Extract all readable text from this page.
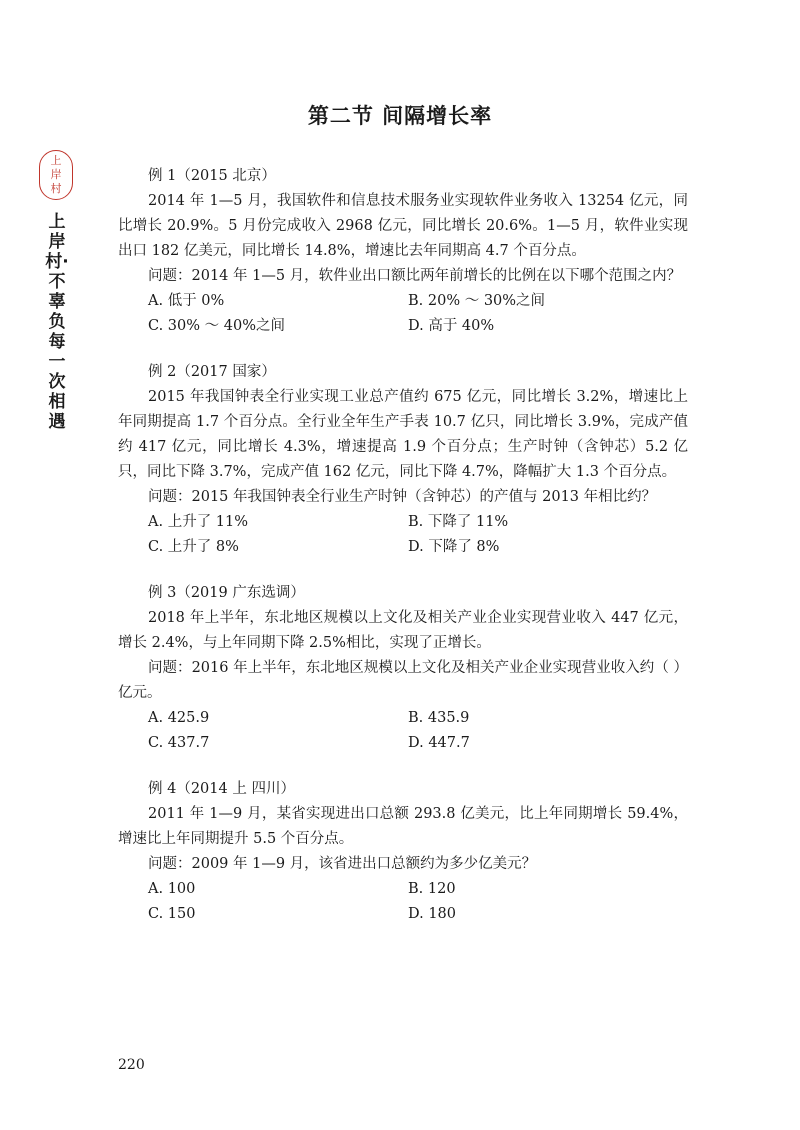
第二节 间隔增长率
上
岸
村
上岸村·不辜负每一次相遇
例 1（2015 北京）

2014 年 1—5 月，我国软件和信息技术服务业实现软件业务收入 13254 亿元，同比增长 20.9%。5 月份完成收入 2968 亿元，同比增长 20.6%。1—5 月，软件业实现出口 182 亿美元，同比增长 14.8%，增速比去年同期高 4.7 个百分点。

问题：2014 年 1—5 月，软件业出口额比两年前增长的比例在以下哪个范围之内？

A. 低于 0%	B. 20% ～ 30%之间
C. 30% ～ 40%之间	D. 高于 40%
例 2（2017 国家）

2015 年我国钟表全行业实现工业总产值约 675 亿元，同比增长 3.2%，增速比上年同期提高 1.7 个百分点。全行业全年生产手表 10.7 亿只，同比增长 3.9%，完成产值约 417 亿元，同比增长 4.3%，增速提高 1.9 个百分点；生产时钟（含钟芯）5.2 亿只，同比下降 3.7%，完成产值 162 亿元，同比下降 4.7%，降幅扩大 1.3 个百分点。

问题：2015 年我国钟表全行业生产时钟（含钟芯）的产值与 2013 年相比约？

A. 上升了 11%	B. 下降了 11%
C. 上升了 8%	D. 下降了 8%
例 3（2019 广东选调）

2018 年上半年，东北地区规模以上文化及相关产业企业实现营业收入 447 亿元，增长 2.4%，与上年同期下降 2.5%相比，实现了正增长。

问题：2016 年上半年，东北地区规模以上文化及相关产业企业实现营业收入约（ ）亿元。

A. 425.9	B. 435.9
C. 437.7	D. 447.7
例 4（2014 上 四川）

2011 年 1—9 月，某省实现进出口总额 293.8 亿美元，比上年同期增长 59.4%，增速比上年同期提升 5.5 个百分点。

问题：2009 年 1—9 月，该省进出口总额约为多少亿美元？

A. 100	B. 120
C. 150	D. 180
220
